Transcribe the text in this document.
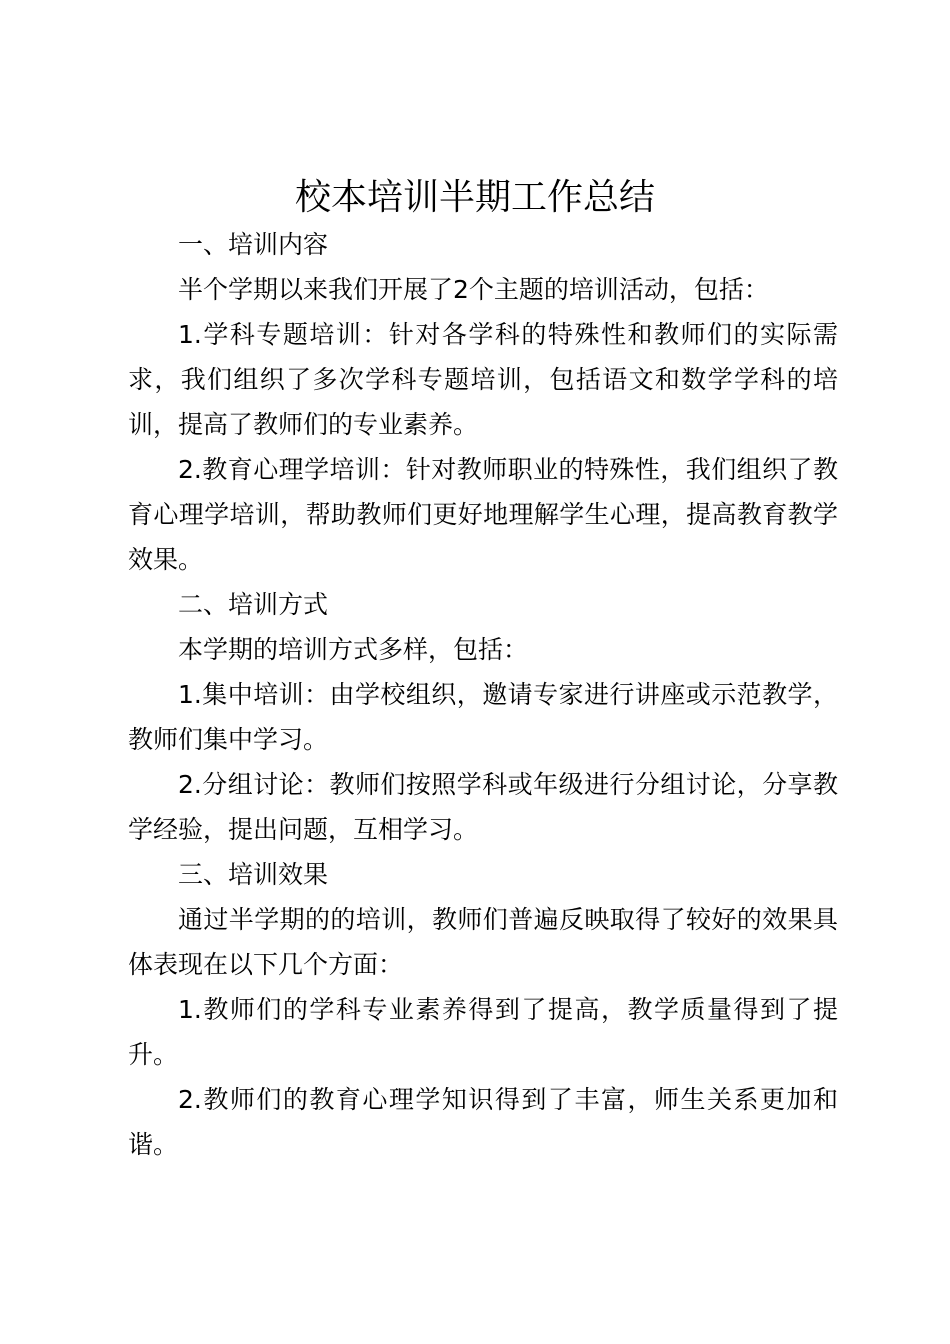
校本培训半期工作总结

一、培训内容

半个学期以来我们开展了2个主题的培训活动，包括：

1.学科专题培训：针对各学科的特殊性和教师们的实际需求，我们组织了多次学科专题培训，包括语文和数学学科的培训，提高了教师们的专业素养。

2.教育心理学培训：针对教师职业的特殊性，我们组织了教育心理学培训，帮助教师们更好地理解学生心理，提高教育教学效果。

二、培训方式

本学期的培训方式多样，包括：

1.集中培训：由学校组织，邀请专家进行讲座或示范教学，教师们集中学习。

2.分组讨论：教师们按照学科或年级进行分组讨论，分享教学经验，提出问题，互相学习。

三、培训效果

通过半学期的的培训，教师们普遍反映取得了较好的效果具体表现在以下几个方面：

1.教师们的学科专业素养得到了提高，教学质量得到了提升。

2.教师们的教育心理学知识得到了丰富，师生关系更加和谐。
